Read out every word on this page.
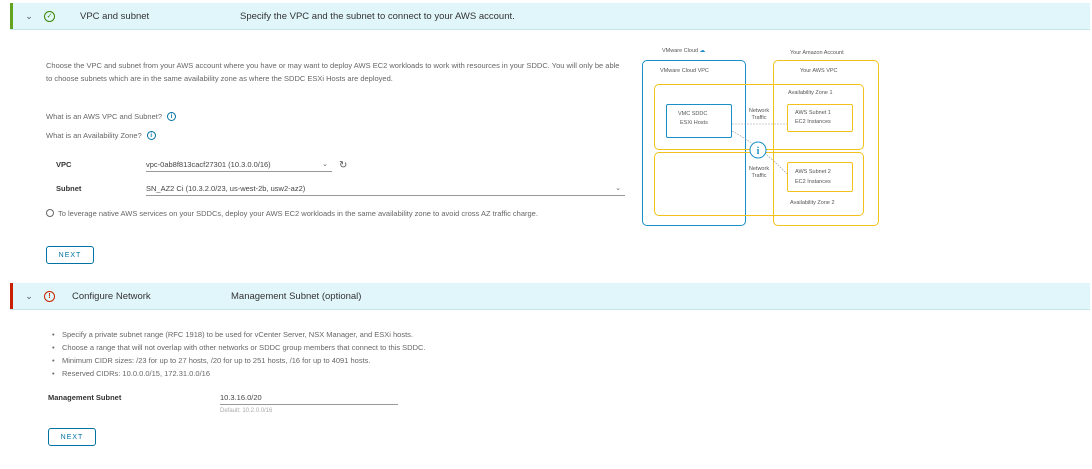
⌄	✓	VPC and subnet	Specify the VPC and the subnet to connect to your AWS account.
Choose the VPC and subnet from your AWS account where you have or may want to deploy AWS EC2 workloads to work with resources in your SDDC. You will only be able to choose subnets which are in the same availability zone as where the SDDC ESXi Hosts are deployed.
What is an AWS VPC and Subnet?	i
What is an Availability Zone?	i
VPC	vpc-0ab8f813cacf27301 (10.3.0.0/16)	⌄ ↻
Subnet	SN_AZ2 Ci (10.3.2.0/23, us-west-2b, usw2-az2)	⌄
To leverage native AWS services on your SDDCs, deploy your AWS EC2 workloads in the same availability zone to avoid cross AZ traffic charge.
NEXT
VMware Cloud ☁	Your Amazon Account
VMware Cloud VPC	Your AWS VPC
Availability Zone 1
Availability Zone 2
VMC SDDC
ESXi Hosts
AWS Subnet 1
EC2 Instances
AWS Subnet 2
EC2 Instances
Network Traffic
Network Traffic
i
⌄	!	Configure Network	Management Subnet (optional)
• Specify a private subnet range (RFC 1918) to be used for vCenter Server, NSX Manager, and ESXi hosts.
• Choose a range that will not overlap with other networks or SDDC group members that connect to this SDDC.
• Minimum CIDR sizes: /23 for up to 27 hosts, /20 for up to 251 hosts, /16 for up to 4091 hosts.
• Reserved CIDRs: 10.0.0.0/15, 172.31.0.0/16
Management Subnet	10.3.16.0/20
Default: 10.2.0.0/16
NEXT
